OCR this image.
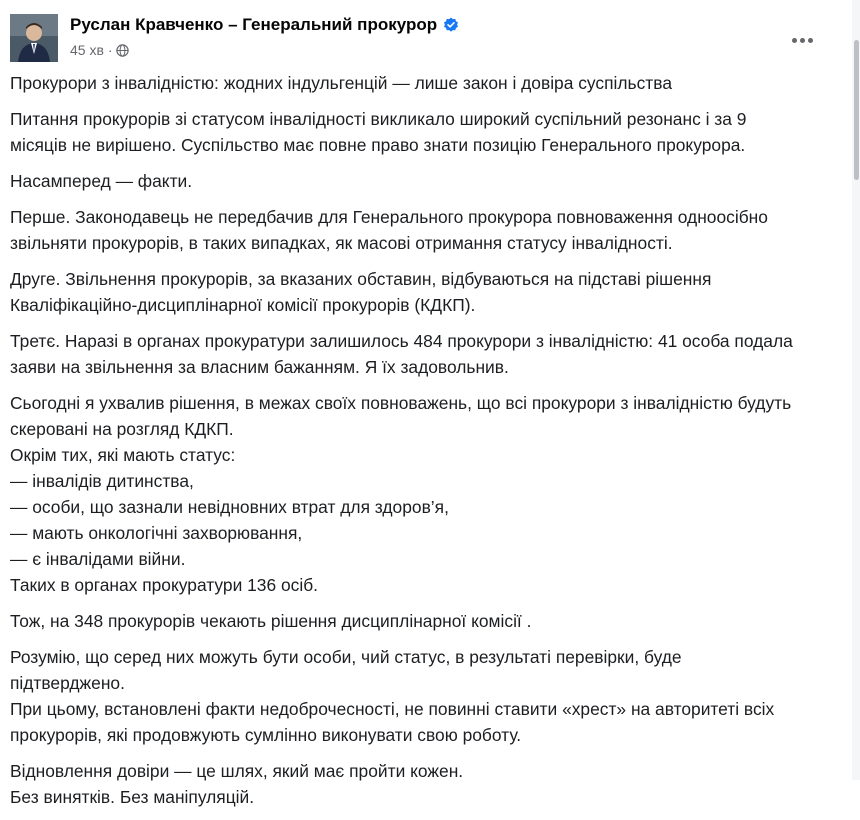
Руслан Кравченко – Генеральний прокурор
45 хв ·

Прокурори з інвалідністю: жодних індульгенцій — лише закон і довіра суспільства

Питання прокурорів зі статусом інвалідності викликало широкий суспільний резонанс і за 9
місяців не вирішено. Суспільство має повне право знати позицію Генерального прокурора.

Насамперед — факти.

Перше. Законодавець не передбачив для Генерального прокурора повноваження одноосібно
звільняти прокурорів, в таких випадках, як масові отримання статусу інвалідності.

Друге. Звільнення прокурорів, за вказаних обставин, відбуваються на підставі рішення
Кваліфікаційно-дисциплінарної комісії прокурорів (КДКП).

Третє. Наразі в органах прокуратури залишилось 484 прокурори з інвалідністю: 41 особа подала
заяви на звільнення за власним бажанням. Я їх задовольнив.

Сьогодні я ухвалив рішення, в межах своїх повноважень, що всі прокурори з інвалідністю будуть
скеровані на розгляд КДКП.
Окрім тих, які мають статус:
— інвалідів дитинства,
— особи, що зазнали невідновних втрат для здоров’я,
— мають онкологічні захворювання,
— є інвалідами війни.
Таких в органах прокуратури 136 осіб.

Тож, на 348 прокурорів чекають рішення дисциплінарної комісії .

Розумію, що серед них можуть бути особи, чий статус, в результаті перевірки, буде
підтверджено.
При цьому, встановлені факти недоброчесності, не повинні ставити «хрест» на авторитеті всіх
прокурорів, які продовжують сумлінно виконувати свою роботу.

Відновлення довіри — це шлях, який має пройти кожен.
Без винятків. Без маніпуляцій.
